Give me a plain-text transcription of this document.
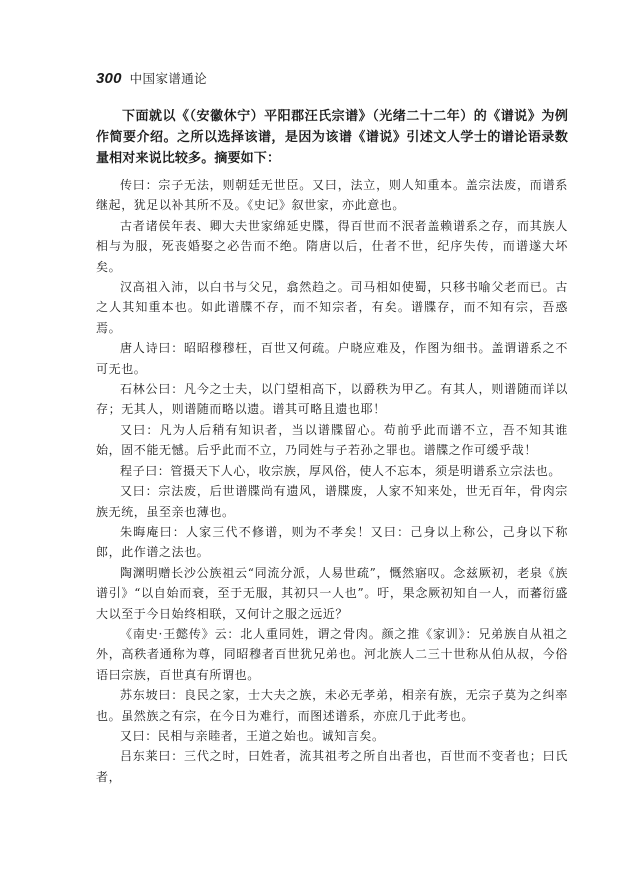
300 中国家谱通论

下面就以《（安徽休宁）平阳郡汪氏宗谱》（光绪二十二年）的《谱说》为例作简要介绍。之所以选择该谱，是因为该谱《谱说》引述文人学士的谱论语录数量相对来说比较多。摘要如下：

传曰：宗子无法，则朝廷无世臣。又曰，法立，则人知重本。盖宗法废，而谱系继起，犹足以补其所不及。《史记》叙世家，亦此意也。

古者诸侯年表、卿大夫世家绵延史牒，得百世而不泯者盖赖谱系之存，而其族人相与为服，死丧婚娶之必告而不绝。隋唐以后，仕者不世，纪序失传，而谱遂大坏矣。

汉高祖入沛，以白书与父兄，翕然趋之。司马相如使蜀，只移书喻父老而已。古之人其知重本也。如此谱牒不存，而不知宗者，有矣。谱牒存，而不知有宗，吾惑焉。

唐人诗曰：昭昭穆穆枉，百世又何疏。户晓应难及，作图为细书。盖谓谱系之不可无也。

石林公曰：凡今之士夫，以门望相高下，以爵秩为甲乙。有其人，则谱随而详以存；无其人，则谱随而略以遗。谱其可略且遗也耶！

又曰：凡为人后稍有知识者，当以谱牒留心。苟前乎此而谱不立，吾不知其谁始，固不能无憾。后乎此而不立，乃同姓与子若孙之罪也。谱牒之作可缓乎哉！

程子曰：管摄天下人心，收宗族，厚风俗，使人不忘本，须是明谱系立宗法也。

又曰：宗法废，后世谱牒尚有遗风，谱牒废，人家不知来处，世无百年，骨肉宗族无统，虽至亲也薄也。

朱晦庵曰：人家三代不修谱，则为不孝矣！又曰：己身以上称公，己身以下称郎，此作谱之法也。

陶渊明赠长沙公族祖云“同流分派，人易世疏”，慨然寤叹。念兹厥初，老泉《族谱引》“以自始而衰，至于无服，其初只一人也”。吁，果念厥初知自一人，而蕃衍盛大以至于今日始终相联，又何计之服之远近？

《南史·王懿传》云：北人重同姓，谓之骨肉。颜之推《家训》：兄弟族自从祖之外，高秩者通称为尊，同昭穆者百世犹兄弟也。河北族人二三十世称从伯从叔，今俗语曰宗族，百世真有所谓也。

苏东坡曰：良民之家，士大夫之族，未必无孝弟，相亲有族，无宗子莫为之纠率也。虽然族之有宗，在今日为难行，而图述谱系，亦庶几于此考也。

又曰：民相与亲睦者，王道之始也。诚知言矣。

吕东莱曰：三代之时，曰姓者，流其祖考之所自出者也，百世而不变者也；曰氏者，
